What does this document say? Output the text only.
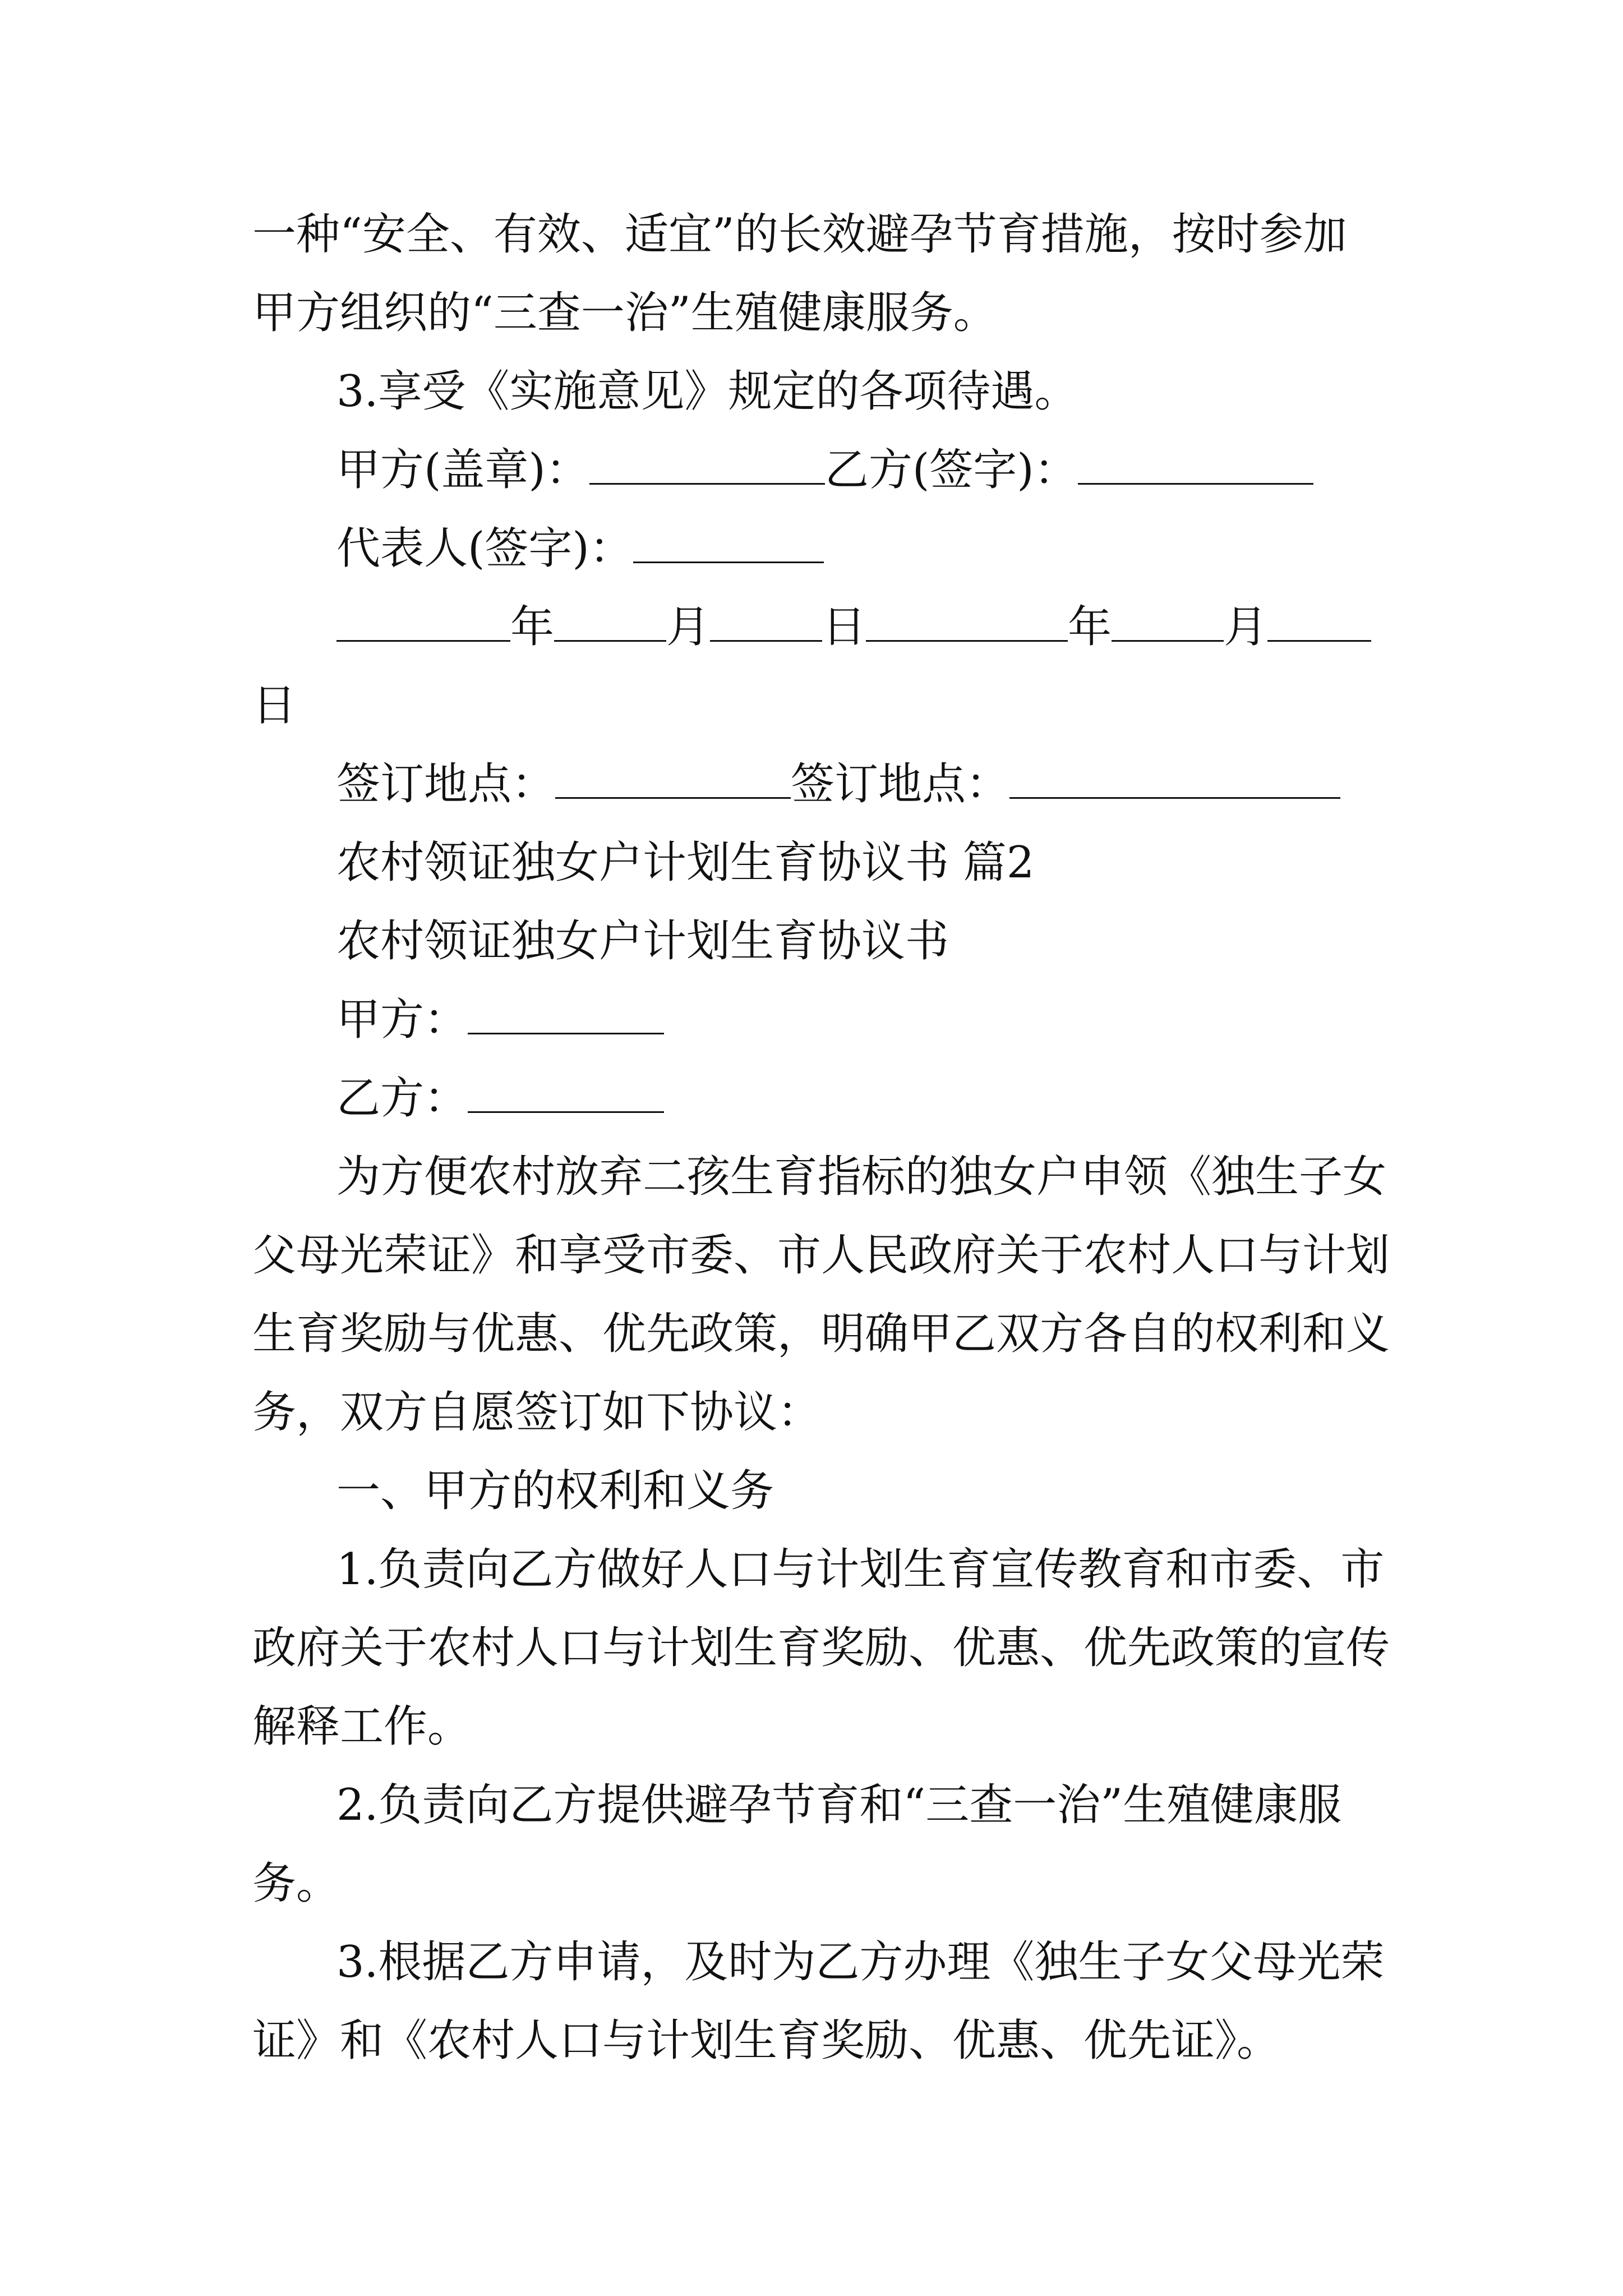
一种“安全、有效、适宜”的长效避孕节育措施，按时参加
甲方组织的“三查一治”生殖健康服务。
3.享受《实施意见》规定的各项待遇。
甲方(盖章)：	乙方(签字)：
代表人(签字)：
年	月	日	年	月
日
签订地点：	签订地点：
农村领证独女户计划生育协议书 篇2
农村领证独女户计划生育协议书
甲方：
乙方：
为方便农村放弃二孩生育指标的独女户申领《独生子女
父母光荣证》和享受市委、市人民政府关于农村人口与计划
生育奖励与优惠、优先政策，明确甲乙双方各自的权利和义
务，双方自愿签订如下协议：
一、甲方的权利和义务
1.负责向乙方做好人口与计划生育宣传教育和市委、市
政府关于农村人口与计划生育奖励、优惠、优先政策的宣传
解释工作。
2.负责向乙方提供避孕节育和“三查一治”生殖健康服
务。
3.根据乙方申请，及时为乙方办理《独生子女父母光荣
证》和《农村人口与计划生育奖励、优惠、优先证》。
